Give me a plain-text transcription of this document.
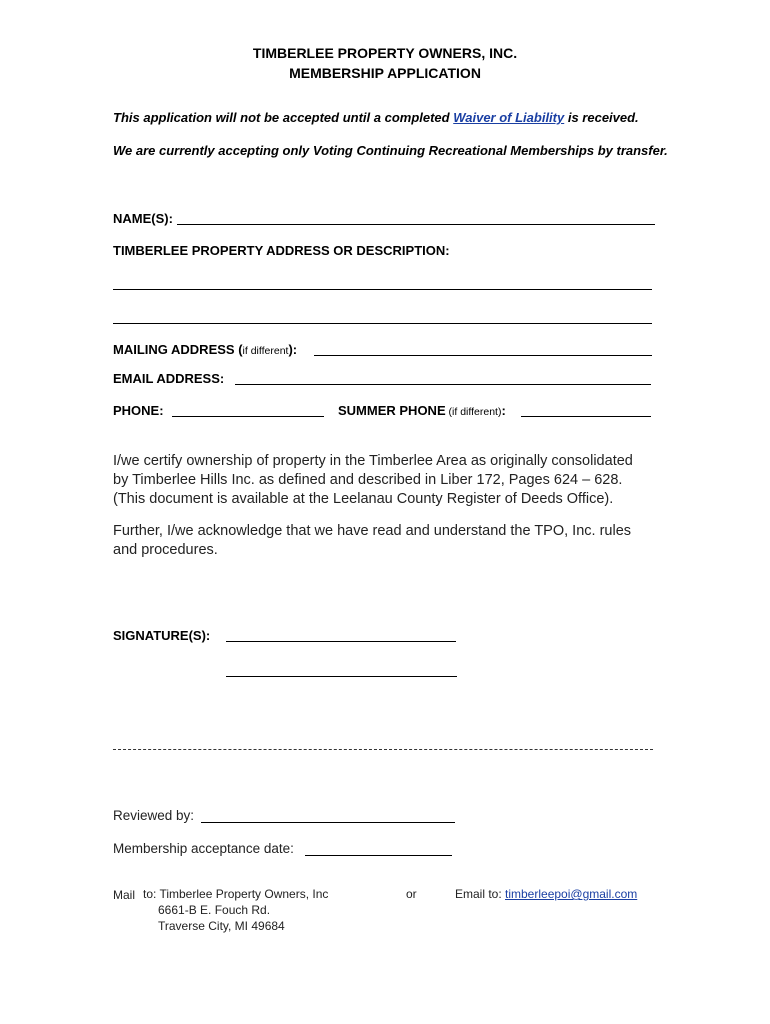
TIMBERLEE PROPERTY OWNERS, INC.
MEMBERSHIP APPLICATION
This application will not be accepted until a completed Waiver of Liability is received.
We are currently accepting only Voting Continuing Recreational Memberships by transfer.
NAME(S):
TIMBERLEE PROPERTY ADDRESS OR DESCRIPTION:
MAILING ADDRESS (if different):
EMAIL ADDRESS:
PHONE:	SUMMER PHONE (if different):
I/we certify ownership of property in the Timberlee Area as originally consolidated
by Timberlee Hills Inc. as defined and described in Liber 172, Pages 624 – 628.
(This document is available at the Leelanau County Register of Deeds Office).
Further, I/we acknowledge that we have read and understand the TPO, Inc. rules
and procedures.
SIGNATURE(S):
Reviewed by:
Membership acceptance date:
Mail to: Timberlee Property Owners, Inc
6661-B E. Fouch Rd.
Traverse City, MI 49684
or	Email to: timberleepoi@gmail.com
